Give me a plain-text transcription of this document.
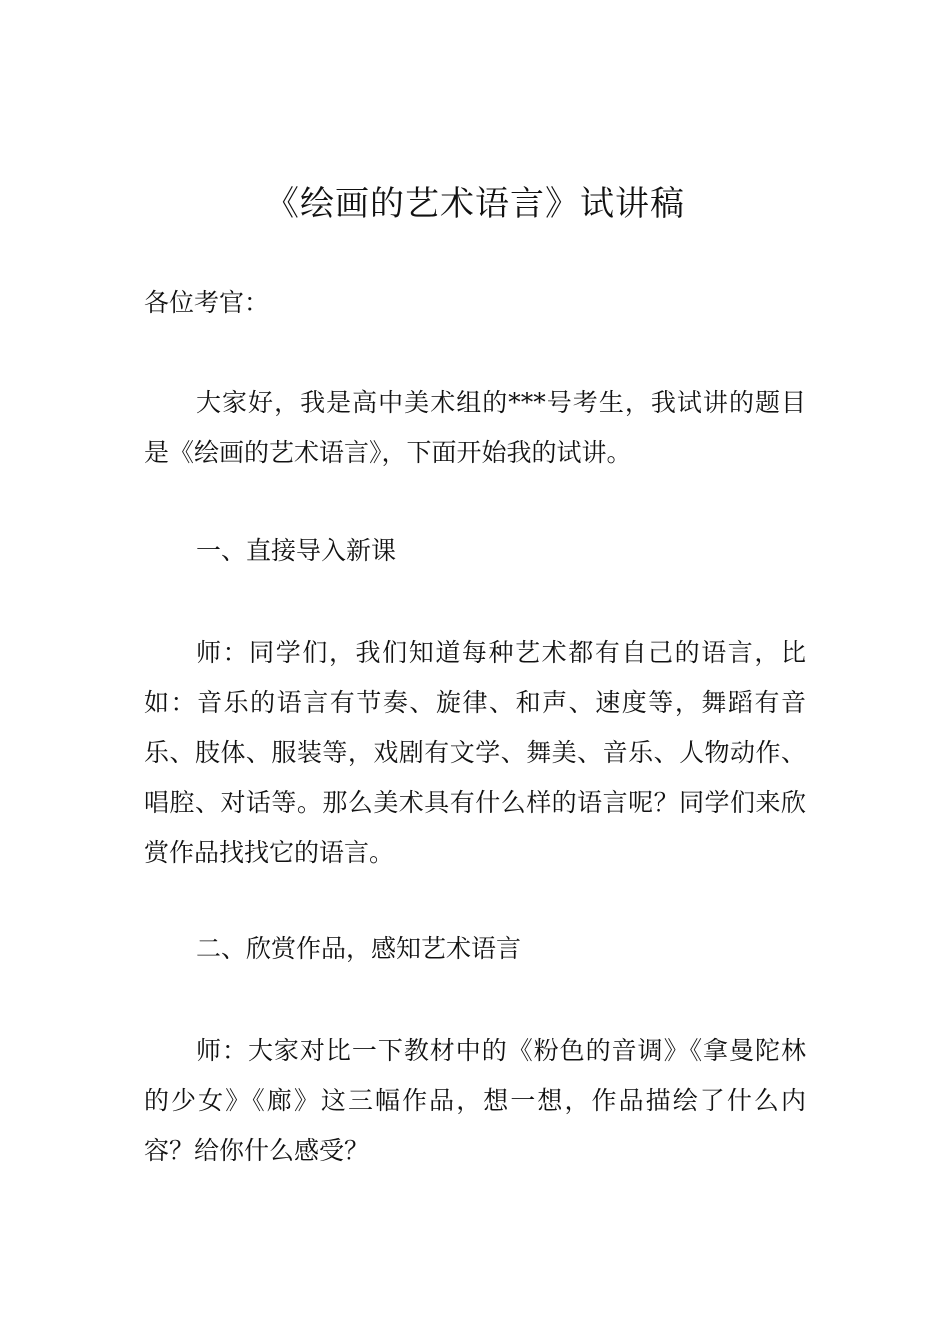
《绘画的艺术语言》试讲稿

各位考官：

大家好，我是高中美术组的***号考生，我试讲的题目是《绘画的艺术语言》，下面开始我的试讲。

一、直接导入新课

师：同学们，我们知道每种艺术都有自己的语言，比如：音乐的语言有节奏、旋律、和声、速度等，舞蹈有音乐、肢体、服装等，戏剧有文学、舞美、音乐、人物动作、唱腔、对话等。那么美术具有什么样的语言呢？同学们来欣赏作品找找它的语言。

二、欣赏作品，感知艺术语言

师：大家对比一下教材中的《粉色的音调》《拿曼陀林的少女》《廊》这三幅作品，想一想，作品描绘了什么内容？给你什么感受？
